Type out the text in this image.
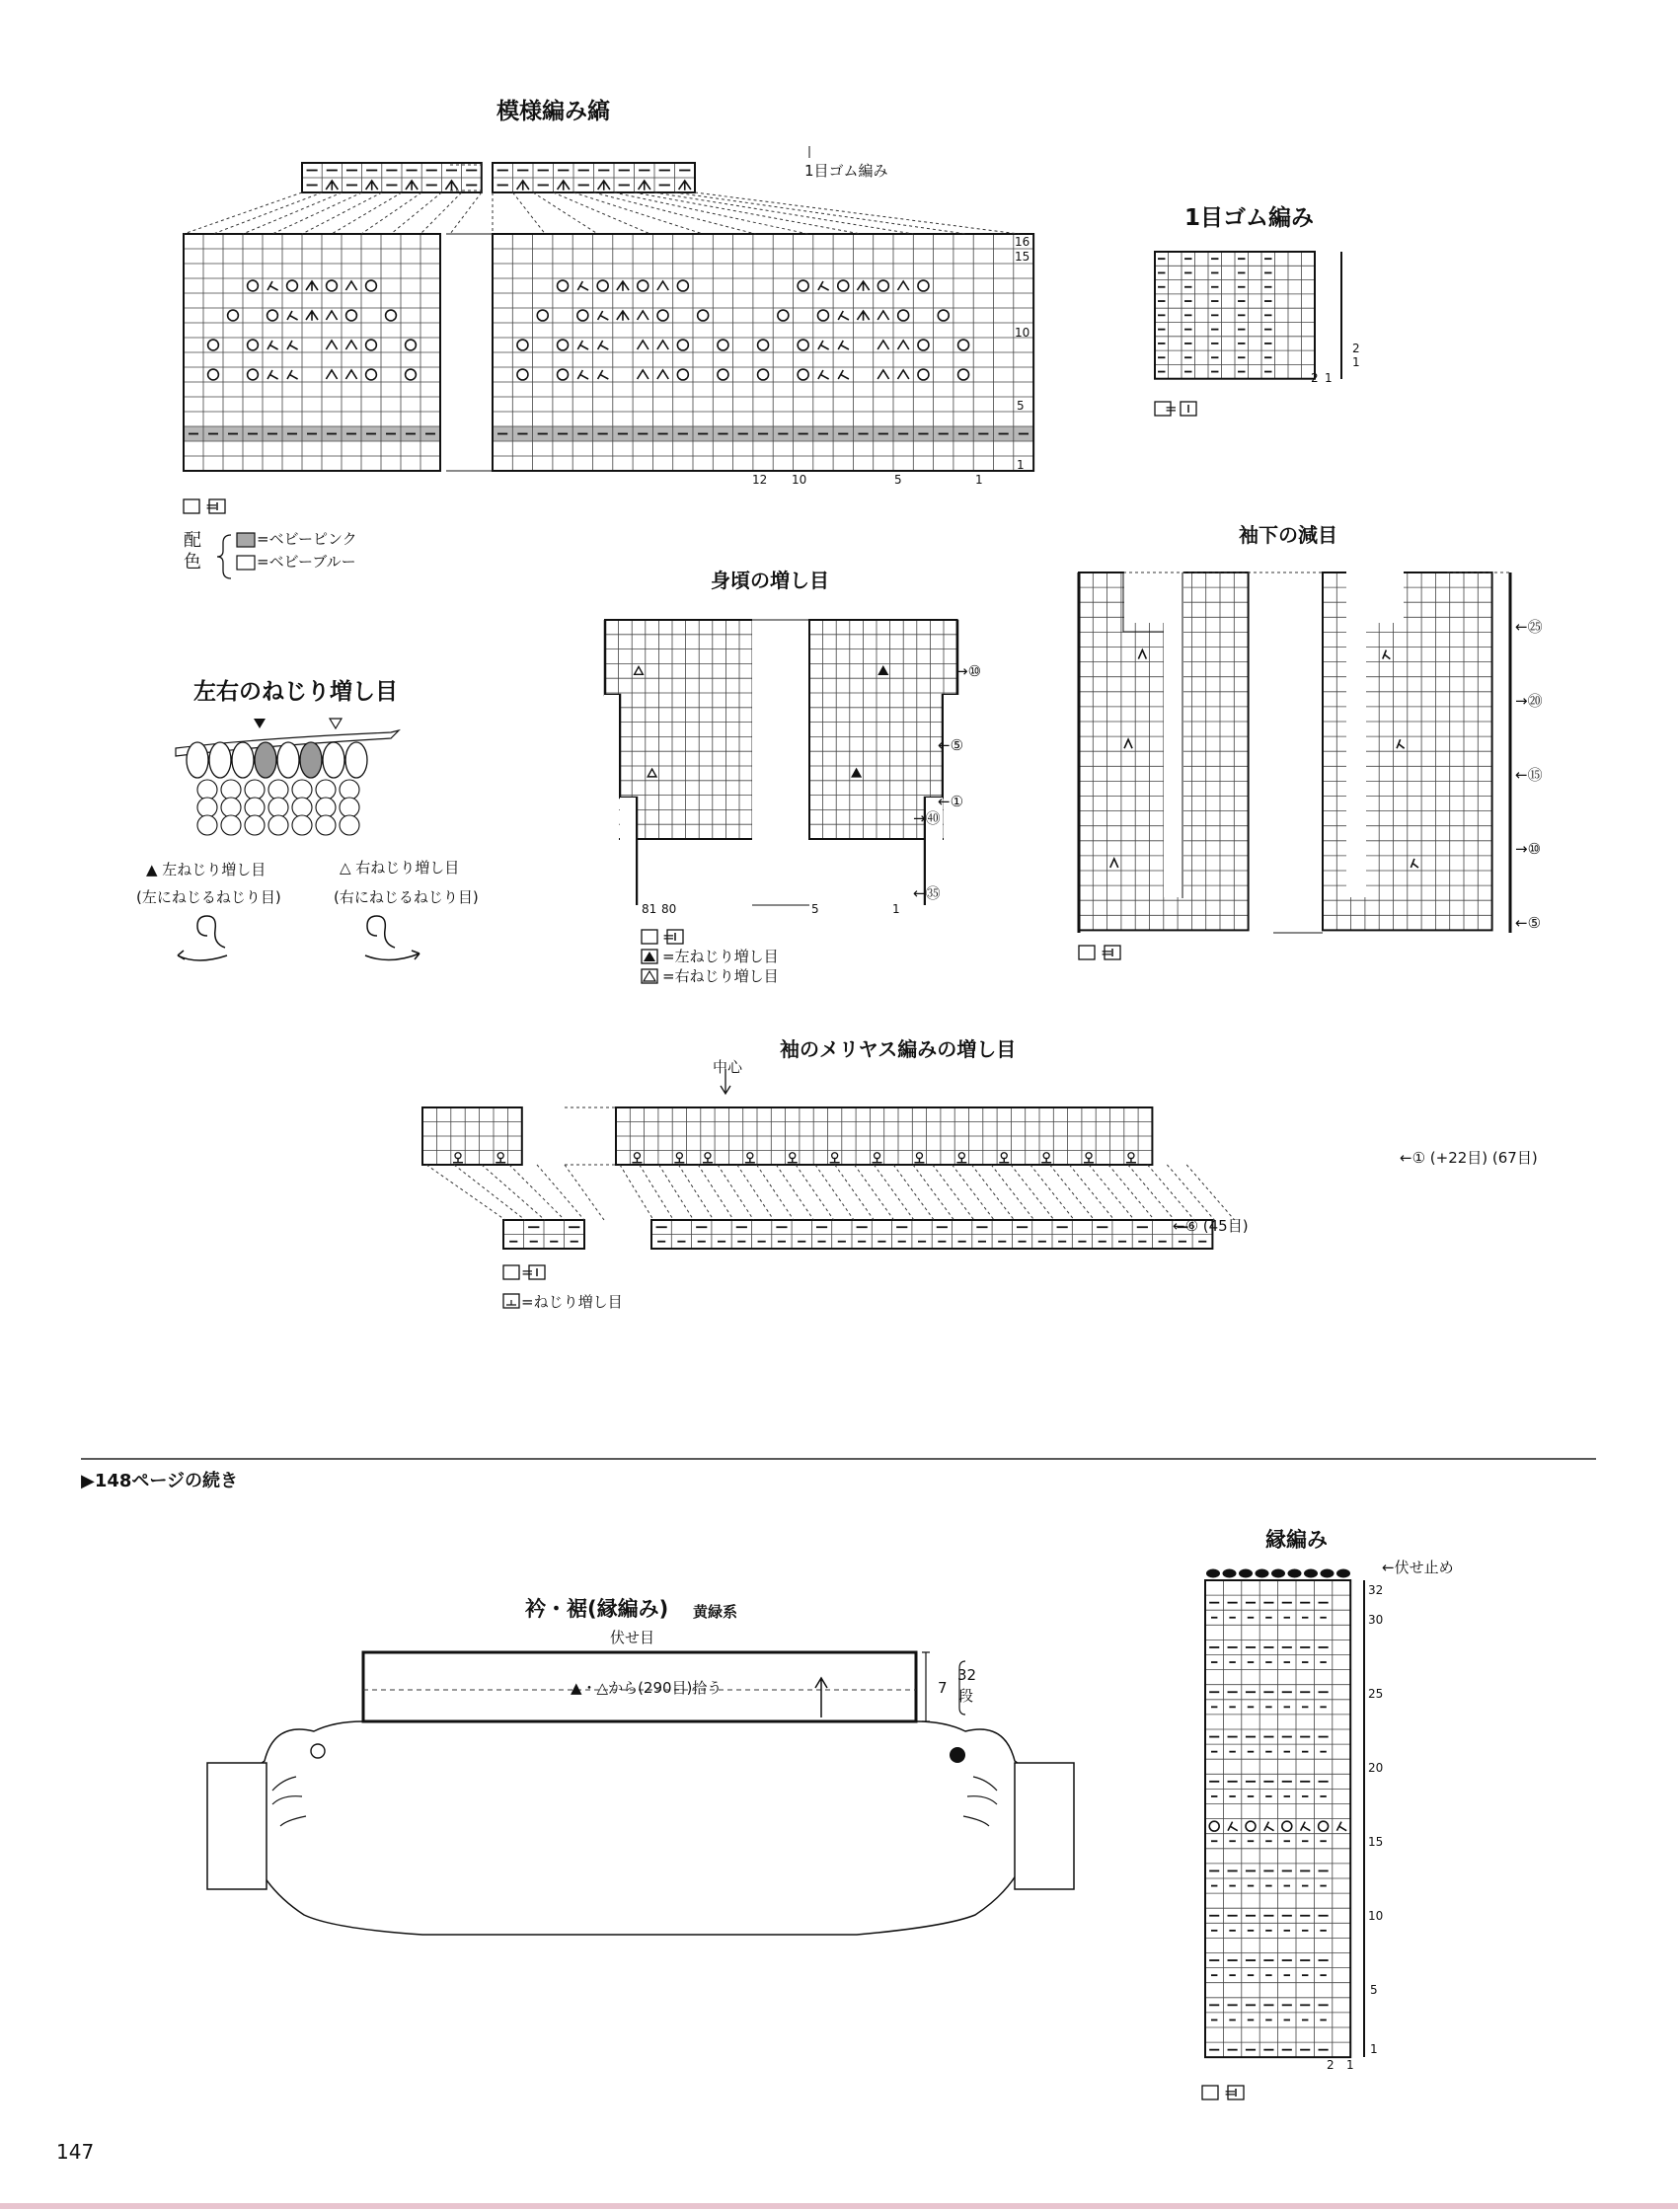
模様編み縞
1目ゴム編み
12 10	5	1
16
15
10
5
1
=
配色
=ベビーピンク
=ベビーブルー
1目ゴム編み
2 1
2
1
=
左右のねじり増し目
▲ 左ねじり増し目
(左にねじるねじり目)
△ 右ねじり増し目
(右にねじるねじり目)
身頃の増し目
81 80	5	1
→⑩
←⑤
←①
→㊵
←㉟
=
=左ねじり増し目
=右ねじり増し目
袖下の減目
←㉕
→⑳
←⑮
→⑩
←⑤
=
袖のメリヤス編みの増し目
中心
←① (+22目) (67目)
←⑥ (45目)
=
=ねじり増し目
▶148ページの続き
衿・裾(縁編み) 黄緑系
伏せ目
▲・△から(290目)拾う	7
32
段
縁編み
←伏せ止め
32
30
25
20
15
10
5
1
2 1
=
147
